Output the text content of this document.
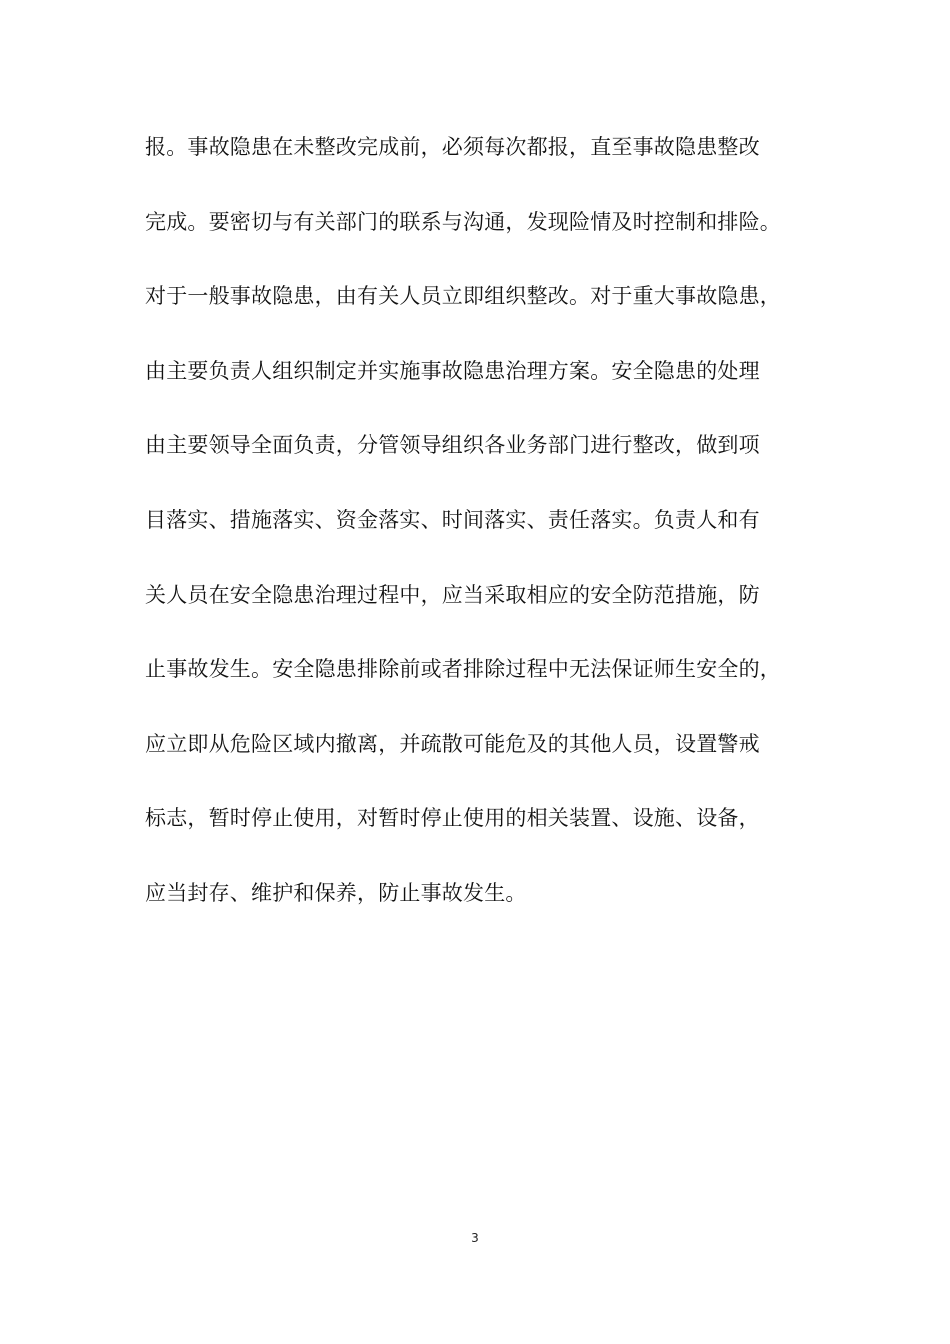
报。事故隐患在未整改完成前，必须每次都报，直至事故隐患整改
完成。要密切与有关部门的联系与沟通，发现险情及时控制和排险。
对于一般事故隐患，由有关人员立即组织整改。对于重大事故隐患，
由主要负责人组织制定并实施事故隐患治理方案。安全隐患的处理
由主要领导全面负责，分管领导组织各业务部门进行整改，做到项
目落实、措施落实、资金落实、时间落实、责任落实。负责人和有
关人员在安全隐患治理过程中，应当采取相应的安全防范措施，防
止事故发生。安全隐患排除前或者排除过程中无法保证师生安全的，
应立即从危险区域内撤离，并疏散可能危及的其他人员，设置警戒
标志，暂时停止使用，对暂时停止使用的相关装置、设施、设备，
应当封存、维护和保养，防止事故发生。
3
